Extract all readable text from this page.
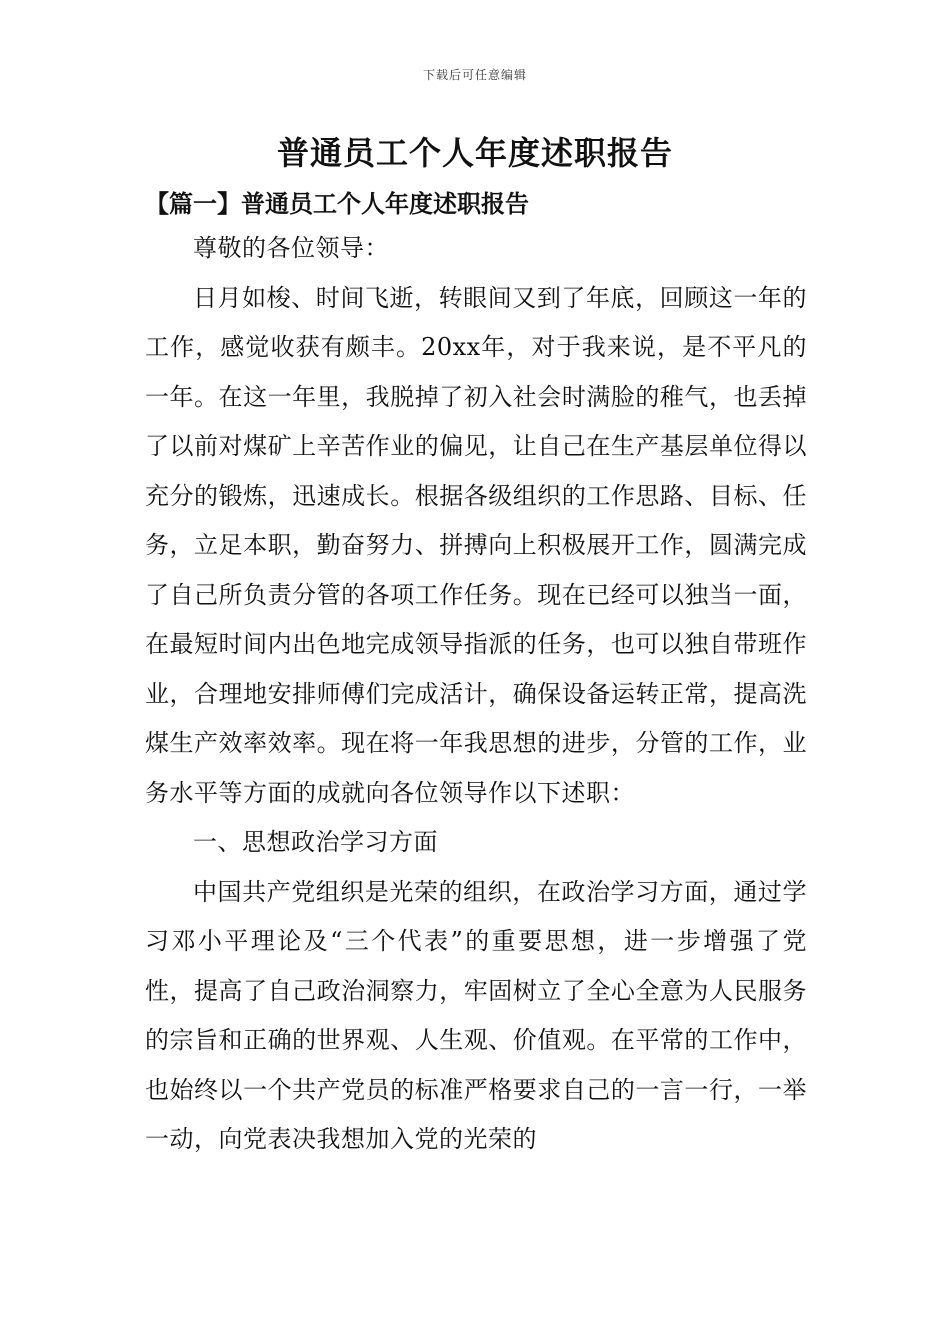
下载后可任意编辑
普通员工个人年度述职报告
【篇一】普通员工个人年度述职报告

尊敬的各位领导：

日月如梭、时间飞逝，转眼间又到了年底，回顾这一年的工作，感觉收获有颇丰。20xx年，对于我来说，是不平凡的一年。在这一年里，我脱掉了初入社会时满脸的稚气，也丢掉了以前对煤矿上辛苦作业的偏见，让自己在生产基层单位得以充分的锻炼，迅速成长。根据各级组织的工作思路、目标、任务，立足本职，勤奋努力、拼搏向上积极展开工作，圆满完成了自己所负责分管的各项工作任务。现在已经可以独当一面，在最短时间内出色地完成领导指派的任务，也可以独自带班作业，合理地安排师傅们完成活计，确保设备运转正常，提高洗煤生产效率效率。现在将一年我思想的进步，分管的工作，业务水平等方面的成就向各位领导作以下述职：

一、思想政治学习方面

中国共产党组织是光荣的组织，在政治学习方面，通过学习邓小平理论及“三个代表”的重要思想，进一步增强了党性，提高了自己政治洞察力，牢固树立了全心全意为人民服务的宗旨和正确的世界观、人生观、价值观。在平常的工作中，也始终以一个共产党员的标准严格要求自己的一言一行，一举一动，向党表决我想加入党的光荣的
